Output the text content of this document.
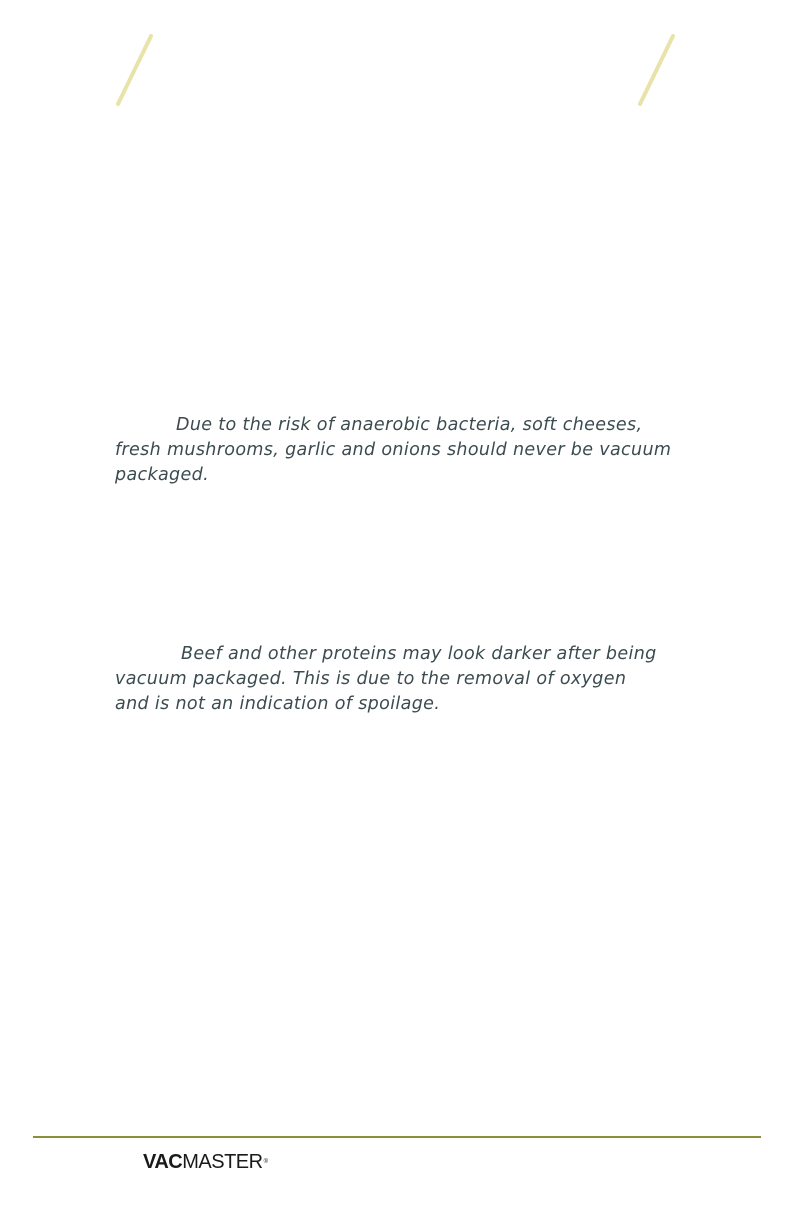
Due to the risk of anaerobic bacteria, soft cheeses, fresh mushrooms, garlic and onions should never be vacuum packaged.

Beef and other proteins may look darker after being vacuum packaged. This is due to the removal of oxygen and is not an indication of spoilage.

VACMASTER®
